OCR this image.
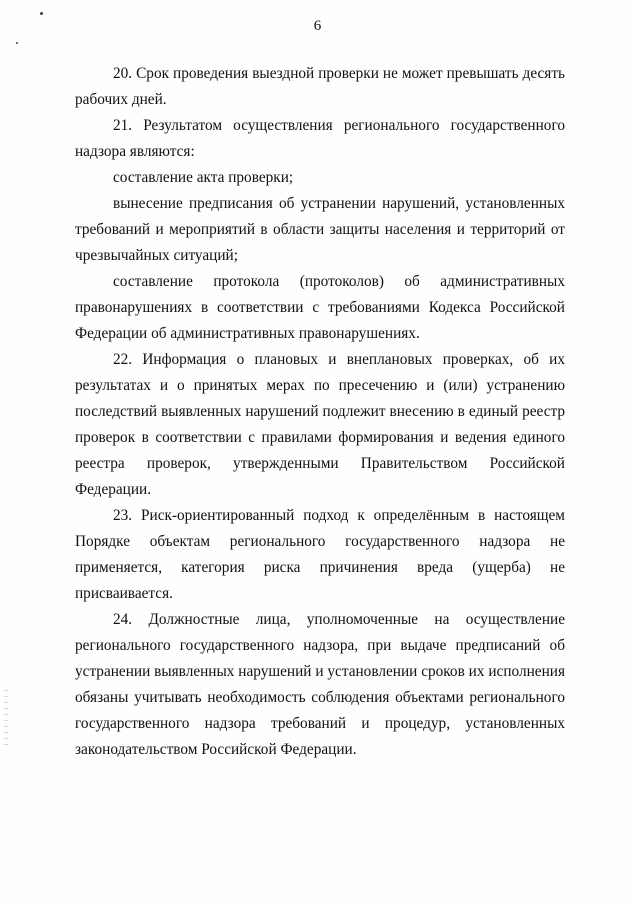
6

20. Срок проведения выездной проверки не может превышать десять рабочих дней.

21. Результатом осуществления регионального государственного надзора являются:

составление акта проверки;

вынесение предписания об устранении нарушений, установленных требований и мероприятий в области защиты населения и территорий от чрезвычайных ситуаций;

составление протокола (протоколов) об административных правонарушениях в соответствии с требованиями Кодекса Российской Федерации об административных правонарушениях.

22. Информация о плановых и внеплановых проверках, об их результатах и о принятых мерах по пресечению и (или) устранению последствий выявленных нарушений подлежит внесению в единый реестр проверок в соответствии с правилами формирования и ведения единого реестра проверок, утвержденными Правительством Российской Федерации.

23. Риск-ориентированный подход к определённым в настоящем Порядке объектам регионального государственного надзора не применяется, категория риска причинения вреда (ущерба) не присваивается.

24. Должностные лица, уполномоченные на осуществление регионального государственного надзора, при выдаче предписаний об устранении выявленных нарушений и установлении сроков их исполнения обязаны учитывать необходимость соблюдения объектами регионального государственного надзора требований и процедур, установленных законодательством Российской Федерации.
